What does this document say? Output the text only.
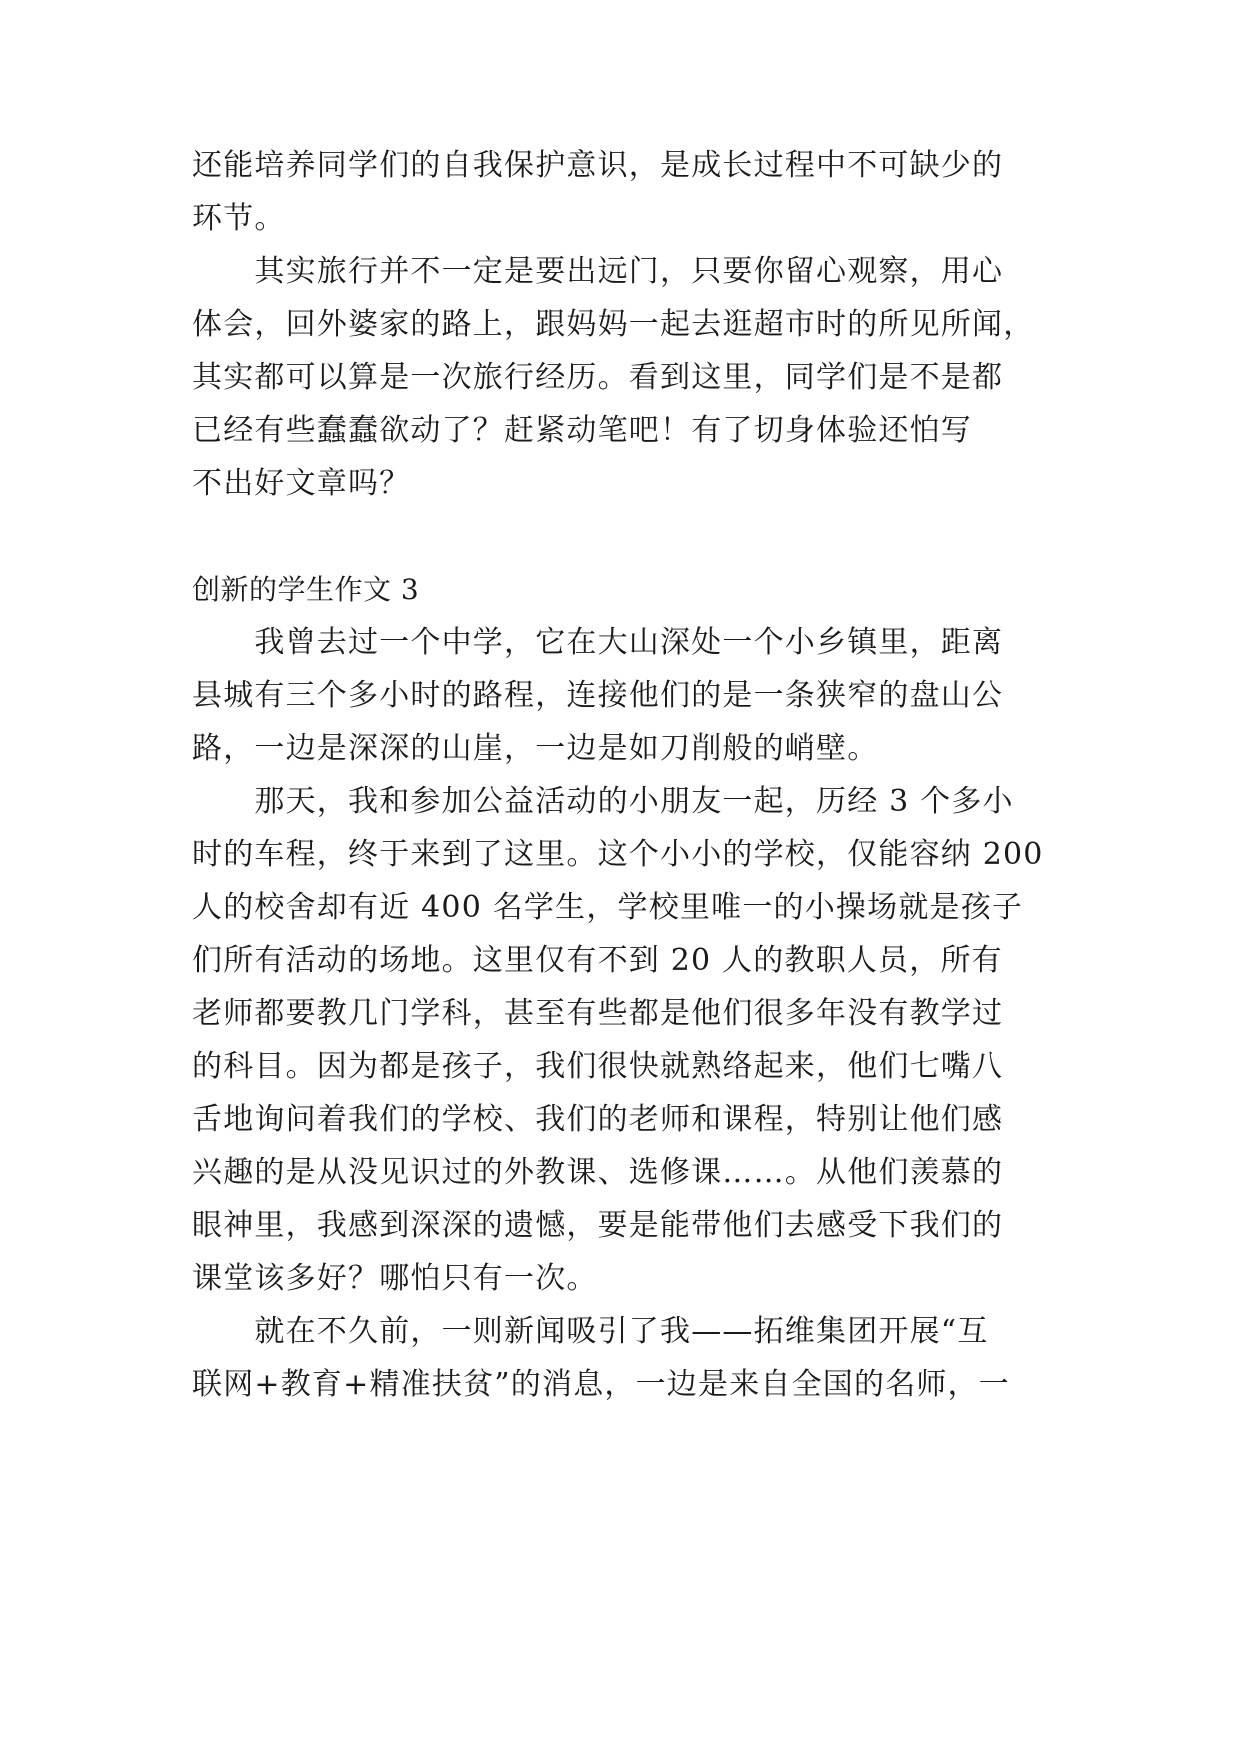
还能培养同学们的自我保护意识，是成长过程中不可缺少的
环节。
　　其实旅行并不一定是要出远门，只要你留心观察，用心
体会，回外婆家的路上，跟妈妈一起去逛超市时的所见所闻，
其实都可以算是一次旅行经历。看到这里，同学们是不是都
已经有些蠢蠢欲动了？赶紧动笔吧！有了切身体验还怕写
不出好文章吗？
创新的学生作文 3
　　我曾去过一个中学，它在大山深处一个小乡镇里，距离
县城有三个多小时的路程，连接他们的是一条狭窄的盘山公
路，一边是深深的山崖，一边是如刀削般的峭壁。
　　那天，我和参加公益活动的小朋友一起，历经 3 个多小
时的车程，终于来到了这里。这个小小的学校，仅能容纳 200
人的校舍却有近 400 名学生，学校里唯一的小操场就是孩子
们所有活动的场地。这里仅有不到 20 人的教职人员，所有
老师都要教几门学科，甚至有些都是他们很多年没有教学过
的科目。因为都是孩子，我们很快就熟络起来，他们七嘴八
舌地询问着我们的学校、我们的老师和课程，特别让他们感
兴趣的是从没见识过的外教课、选修课……。从他们羡慕的
眼神里，我感到深深的遗憾，要是能带他们去感受下我们的
课堂该多好？哪怕只有一次。
　　就在不久前，一则新闻吸引了我——拓维集团开展“互
联网+教育+精准扶贫”的消息，一边是来自全国的名师，一
